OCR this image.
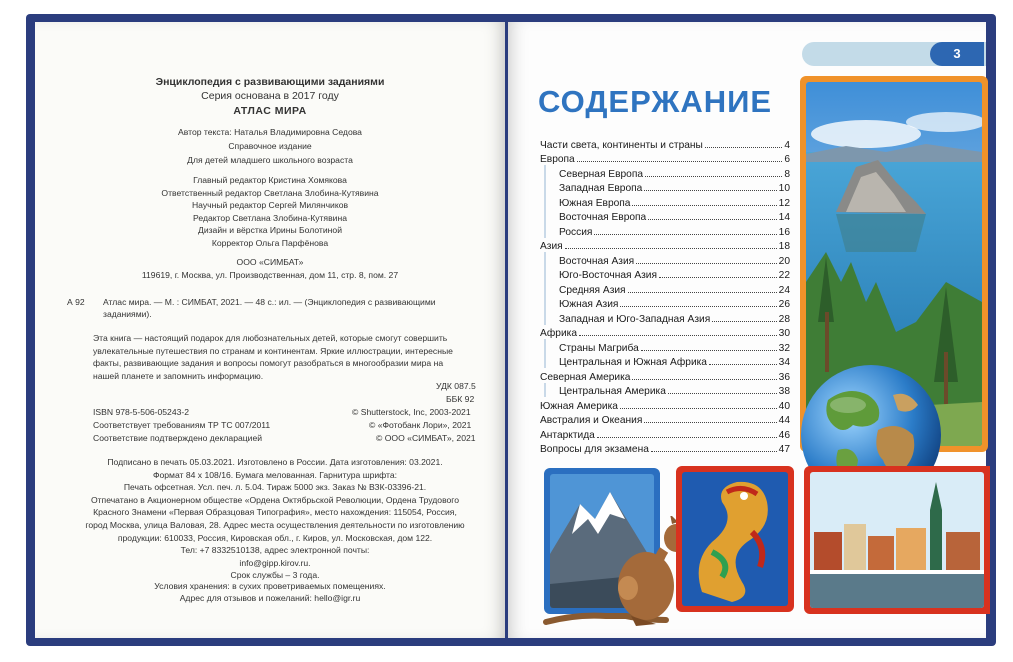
Энциклопедия с развивающими заданиями
Серия основана в 2017 году
АТЛАС МИРА
Автор текста: Наталья Владимировна Седова
Справочное издание
Для детей младшего школьного возраста
Главный редактор Кристина Хомякова
Ответственный редактор Светлана Злобина-Кутявина
Научный редактор Сергей Милянчиков
Редактор Светлана Злобина-Кутявина
Дизайн и вёрстка Ирины Болотиной
Корректор Ольга Парфёнова
ООО «СИМБАТ»
119619, г. Москва, ул. Производственная, дом 11, стр. 8, пом. 27
А 92 Атлас мира. — М. : СИМБАТ, 2021. — 48 с.: ил. — (Энциклопедия с развивающими
заданиями).
Эта книга — настоящий подарок для любознательных детей, которые смогут совершить
увлекательные путешествия по странам и континентам. Яркие иллюстрации, интересные
факты, развивающие задания и вопросы помогут разобраться в многообразии мира на
нашей планете и запомнить информацию.
УДК 087.5
ББК 92
ISBN 978-5-506-05243-2
Соответствует требованиям ТР ТС 007/2011
Соответствие подтверждено декларацией
© Shutterstock, Inc, 2003-2021
© «Фотобанк Лори», 2021
© ООО «СИМБАТ», 2021
Подписано в печать 05.03.2021. Изготовлено в России. Дата изготовления: 03.2021.
Формат 84 х 108/16. Бумага мелованная. Гарнитура шрифта:
Печать офсетная. Усл. печ. л. 5.04. Тираж 5000 экз. Заказ № ВЗК-03396-21.
Отпечатано в Акционерном обществе «Ордена Октябрьской Революции, Ордена Трудового
Красного Знамени «Первая Образцовая Типография», место нахождения: 115054, Россия,
город Москва, улица Валовая, 28. Адрес места осуществления деятельности по изготовлению
продукции: 610033, Россия, Кировская обл., г. Киров, ул. Московская, дом 122.
Тел: +7 8332510138, адрес электронной почты:
info@gipp.kirov.ru.
Срок службы – 3 года.
Условия хранения: в сухих проветриваемых помещениях.
Адрес для отзывов и пожеланий: hello@igr.ru
3
СОДЕРЖАНИЕ
Части света, континенты и страны	4
Европа	6
Северная Европа	8
Западная Европа	10
Южная Европа	12
Восточная Европа	14
Россия	16
Азия	18
Восточная Азия	20
Юго-Восточная Азия	22
Средняя Азия	24
Южная Азия	26
Западная и Юго-Западная Азия	28
Африка	30
Страны Магриба	32
Центральная и Южная Африка	34
Северная Америка	36
Центральная Америка	38
Южная Америка	40
Австралия и Океания	44
Антарктида	46
Вопросы для экзамена	47
